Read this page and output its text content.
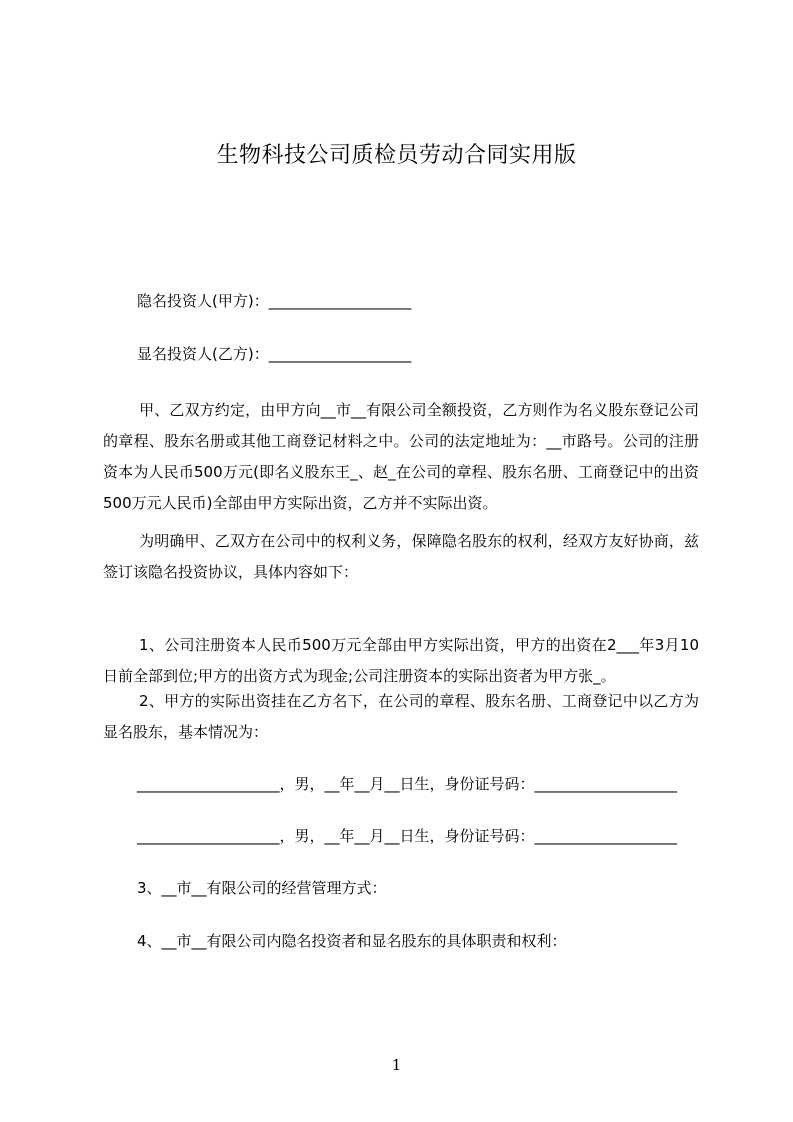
生物科技公司质检员劳动合同实用版
隐名投资人(甲方)：___________________
显名投资人(乙方)：___________________
甲、乙双方约定，由甲方向__市__有限公司全额投资，乙方则作为名义股东登记公司的章程、股东名册或其他工商登记材料之中。公司的法定地址为：__市路号。公司的注册资本为人民币500万元(即名义股东王_、赵_在公司的章程、股东名册、工商登记中的出资500万元人民币)全部由甲方实际出资，乙方并不实际出资。
为明确甲、乙双方在公司中的权利义务，保障隐名股东的权利，经双方友好协商，兹签订该隐名投资协议，具体内容如下：
1、公司注册资本人民币500万元全部由甲方实际出资，甲方的出资在2___年3月10日前全部到位;甲方的出资方式为现金;公司注册资本的实际出资者为甲方张_。
2、甲方的实际出资挂在乙方名下，在公司的章程、股东名册、工商登记中以乙方为显名股东，基本情况为：
___________________，男，__年__月__日生，身份证号码：___________________
___________________，男，__年__月__日生，身份证号码：___________________
3、__市__有限公司的经营管理方式：
4、__市__有限公司内隐名投资者和显名股东的具体职责和权利：
1
